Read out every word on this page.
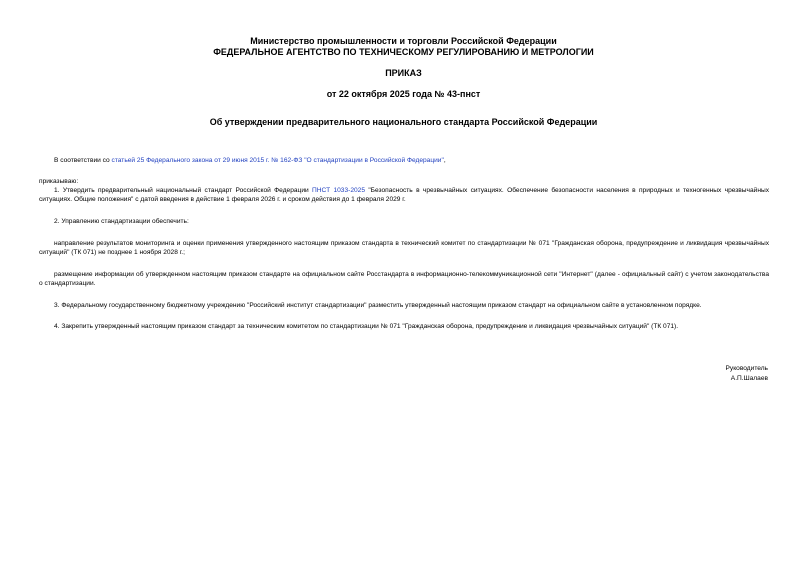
Министерство промышленности и торговли Российской Федерации
ФЕДЕРАЛЬНОЕ АГЕНТСТВО ПО ТЕХНИЧЕСКОМУ РЕГУЛИРОВАНИЮ И МЕТРОЛОГИИ
ПРИКАЗ
от 22 октября 2025 года № 43-пнст
Об утверждении предварительного национального стандарта Российской Федерации
В соответствии со статьей 25 Федерального закона от 29 июня 2015 г. № 162-ФЗ "О стандартизации в Российской Федерации",
приказываю:
1. Утвердить предварительный национальный стандарт Российской Федерации ПНСТ 1033-2025 "Безопасность в чрезвычайных ситуациях. Обеспечение безопасности населения в природных и техногенных чрезвычайных ситуациях. Общие положения" с датой введения в действие 1 февраля 2026 г. и сроком действия до 1 февраля 2029 г.
2. Управлению стандартизации обеспечить:
направление результатов мониторинга и оценки применения утвержденного настоящим приказом стандарта в технический комитет по стандартизации № 071 "Гражданская оборона, предупреждение и ликвидация чрезвычайных ситуаций" (ТК 071) не позднее 1 ноября 2028 г.;
размещение информации об утвержденном настоящим приказом стандарте на официальном сайте Росстандарта в информационно-телекоммуникационной сети "Интернет" (далее - официальный сайт) с учетом законодательства о стандартизации.
3. Федеральному государственному бюджетному учреждению "Российский институт стандартизации" разместить утвержденный настоящим приказом стандарт на официальном сайте в установленном порядке.
4. Закрепить утвержденный настоящим приказом стандарт за техническим комитетом по стандартизации № 071 "Гражданская оборона, предупреждение и ликвидация чрезвычайных ситуаций" (ТК 071).
Руководитель
А.П.Шалаев
